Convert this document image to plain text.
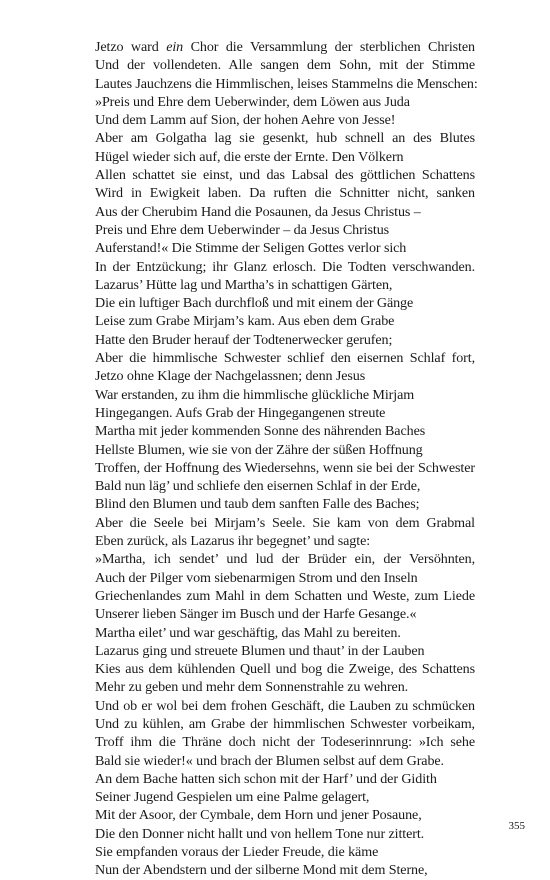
Jetzo ward ein Chor die Versammlung der sterblichen Christen
Und der vollendeten. Alle sangen dem Sohn, mit der Stimme
Lautes Jauchzens die Himmlischen, leises Stammelns die Menschen:
»Preis und Ehre dem Ueberwinder, dem Löwen aus Juda
Und dem Lamm auf Sion, der hohen Aehre von Jesse!
Aber am Golgatha lag sie gesenkt, hub schnell an des Blutes
Hügel wieder sich auf, die erste der Ernte. Den Völkern
Allen schattet sie einst, und das Labsal des göttlichen Schattens
Wird in Ewigkeit laben. Da ruften die Schnitter nicht, sanken
Aus der Cherubim Hand die Posaunen, da Jesus Christus –
Preis und Ehre dem Ueberwinder – da Jesus Christus
Auferstand!« Die Stimme der Seligen Gottes verlor sich
In der Entzückung; ihr Glanz erlosch. Die Todten verschwanden.
Lazarus’ Hütte lag und Martha’s in schattigen Gärten,
Die ein luftiger Bach durchfloß und mit einem der Gänge
Leise zum Grabe Mirjam’s kam. Aus eben dem Grabe
Hatte den Bruder herauf der Todtenerwecker gerufen;
Aber die himmlische Schwester schlief den eisernen Schlaf fort,
Jetzo ohne Klage der Nachgelassnen; denn Jesus
War erstanden, zu ihm die himmlische glückliche Mirjam
Hingegangen. Aufs Grab der Hingegangenen streute
Martha mit jeder kommenden Sonne des nährenden Baches
Hellste Blumen, wie sie von der Zähre der süßen Hoffnung
Troffen, der Hoffnung des Wiedersehns, wenn sie bei der Schwester
Bald nun läg’ und schliefe den eisernen Schlaf in der Erde,
Blind den Blumen und taub dem sanften Falle des Baches;
Aber die Seele bei Mirjam’s Seele. Sie kam von dem Grabmal
Eben zurück, als Lazarus ihr begegnet’ und sagte:
»Martha, ich sendet’ und lud der Brüder ein, der Versöhnten,
Auch der Pilger vom siebenarmigen Strom und den Inseln
Griechenlandes zum Mahl in dem Schatten und Weste, zum Liede
Unserer lieben Sänger im Busch und der Harfe Gesange.«
Martha eilet’ und war geschäftig, das Mahl zu bereiten.
Lazarus ging und streuete Blumen und thaut’ in der Lauben
Kies aus dem kühlenden Quell und bog die Zweige, des Schattens
Mehr zu geben und mehr dem Sonnenstrahle zu wehren.
Und ob er wol bei dem frohen Geschäft, die Lauben zu schmücken
Und zu kühlen, am Grabe der himmlischen Schwester vorbeikam,
Troff ihm die Thräne doch nicht der Todeserinnrung: »Ich sehe
Bald sie wieder!« und brach der Blumen selbst auf dem Grabe.
An dem Bache hatten sich schon mit der Harf’ und der Gidith
Seiner Jugend Gespielen um eine Palme gelagert,
Mit der Asoor, der Cymbale, dem Horn und jener Posaune,
Die den Donner nicht hallt und von hellem Tone nur zittert.
Sie empfanden voraus der Lieder Freude, die käme
Nun der Abendstern und der silberne Mond mit dem Sterne,
355
